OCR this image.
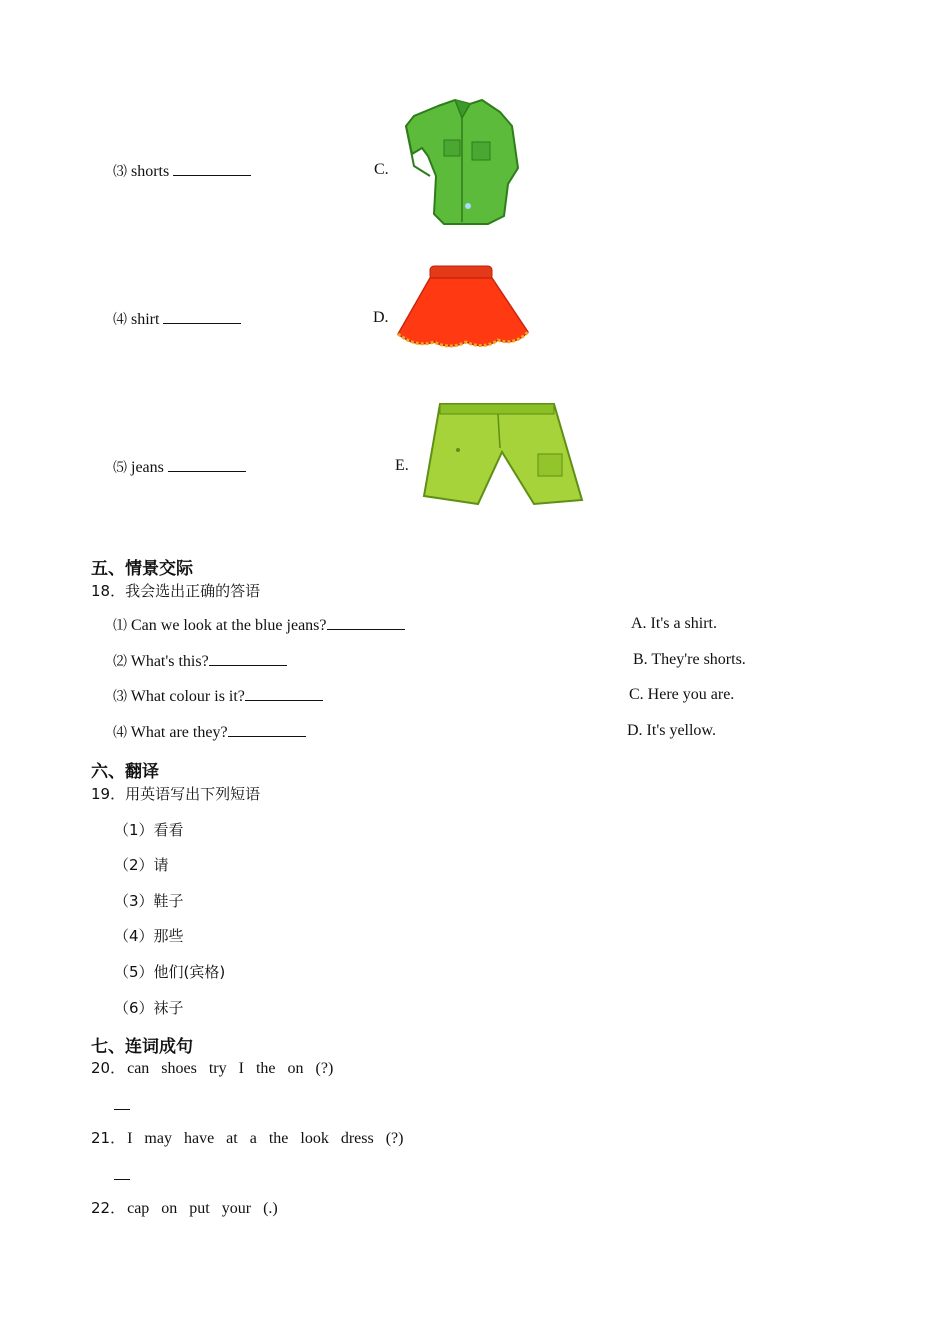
⑶ shorts	C.
⑷ shirt	D.
⑸ jeans	E.
五、情景交际
18．我会选出正确的答语
⑴ Can we look at the blue jeans?	A. It's a shirt.
⑵ What's this?	B. They're shorts.
⑶ What colour is it?	C. Here you are.
⑷ What are they?	D. It's yellow.
六、翻译
19．用英语写出下列短语
（1）看看
（2）请
（3）鞋子
（4）那些
（5）他们(宾格)
（6）袜子
七、连词成句
20． can shoes try I the on (?)
21． I may have at a the look dress (?)
22． cap on put your (.)
